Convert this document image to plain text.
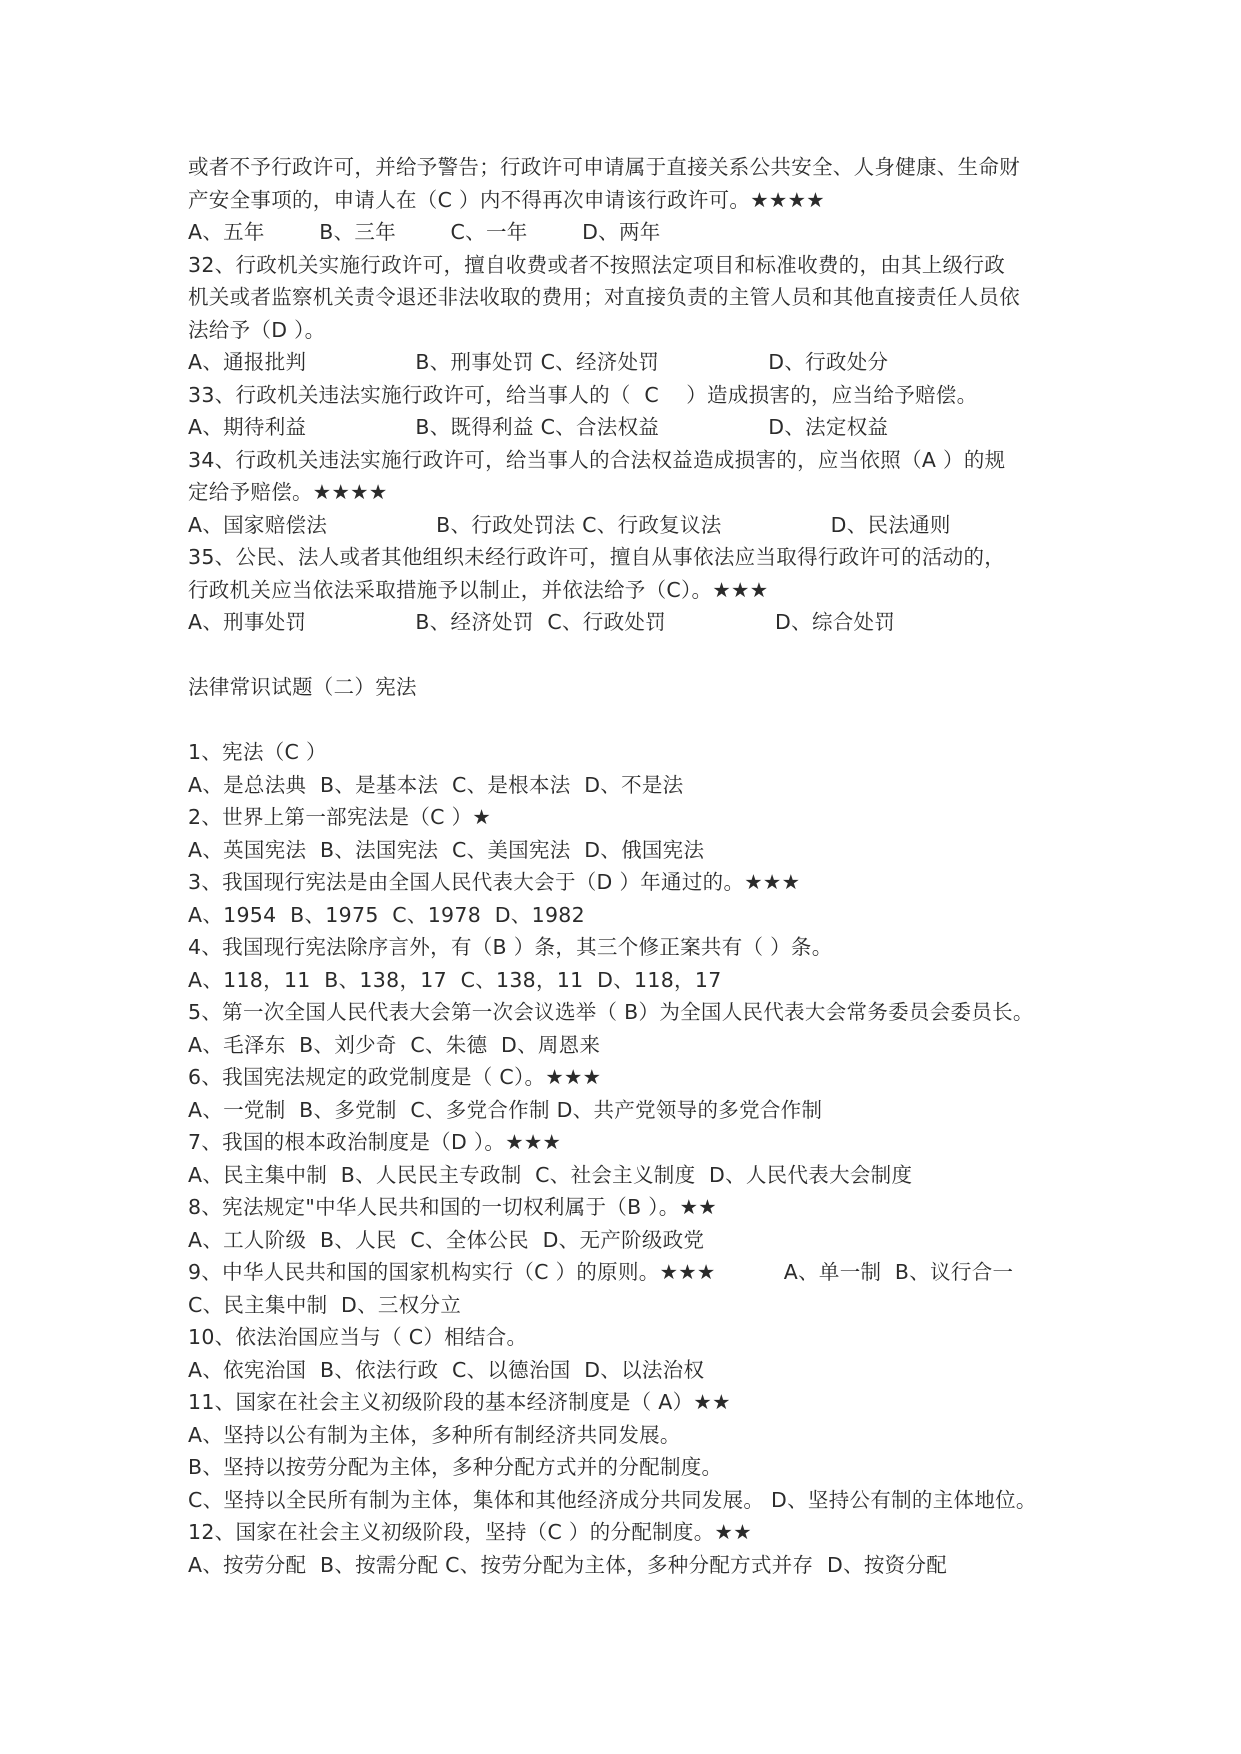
或者不予行政许可，并给予警告；行政许可申请属于直接关系公共安全、人身健康、生命财
产安全事项的，申请人在（C ）内不得再次申请该行政许可。★★★★
A、五年        B、三年        C、一年        D、两年
32、行政机关实施行政许可，擅自收费或者不按照法定项目和标准收费的，由其上级行政
机关或者监察机关责令退还非法收取的费用；对直接负责的主管人员和其他直接责任人员依
法给予（D ）。
A、通报批判                B、刑事处罚 C、经济处罚                D、行政处分
33、行政机关违法实施行政许可，给当事人的（  C    ）造成损害的，应当给予赔偿。
A、期待利益                B、既得利益 C、合法权益                D、法定权益
34、行政机关违法实施行政许可，给当事人的合法权益造成损害的，应当依照（A ）的规
定给予赔偿。★★★★
A、国家赔偿法                B、行政处罚法 C、行政复议法                D、民法通则
35、公民、法人或者其他组织未经行政许可，擅自从事依法应当取得行政许可的活动的，
行政机关应当依法采取措施予以制止，并依法给予（C）。★★★
A、刑事处罚                B、经济处罚  C、行政处罚                D、综合处罚
法律常识试题（二）宪法
1、宪法（C ）
A、是总法典  B、是基本法  C、是根本法  D、不是法
2、世界上第一部宪法是（C ）★
A、英国宪法  B、法国宪法  C、美国宪法  D、俄国宪法
3、我国现行宪法是由全国人民代表大会于（D ）年通过的。★★★
A、1954  B、1975  C、1978  D、1982
4、我国现行宪法除序言外，有（B ）条，其三个修正案共有（ ）条。
A、118，11  B、138，17  C、138，11  D、118，17
5、第一次全国人民代表大会第一次会议选举（ B）为全国人民代表大会常务委员会委员长。
A、毛泽东  B、刘少奇  C、朱德  D、周恩来
6、我国宪法规定的政党制度是（ C）。★★★
A、一党制  B、多党制  C、多党合作制 D、共产党领导的多党合作制
7、我国的根本政治制度是（D ）。★★★
A、民主集中制  B、人民民主专政制  C、社会主义制度  D、人民代表大会制度
8、宪法规定"中华人民共和国的一切权利属于（B ）。★★
A、工人阶级  B、人民  C、全体公民  D、无产阶级政党
9、中华人民共和国的国家机构实行（C ）的原则。★★★          A、单一制  B、议行合一
C、民主集中制  D、三权分立
10、依法治国应当与（ C）相结合。
A、依宪治国  B、依法行政  C、以德治国  D、以法治权
11、国家在社会主义初级阶段的基本经济制度是（ A）★★
A、坚持以公有制为主体，多种所有制经济共同发展。
B、坚持以按劳分配为主体，多种分配方式并的分配制度。
C、坚持以全民所有制为主体，集体和其他经济成分共同发展。 D、坚持公有制的主体地位。
12、国家在社会主义初级阶段，坚持（C ）的分配制度。★★
A、按劳分配  B、按需分配 C、按劳分配为主体，多种分配方式并存  D、按资分配
